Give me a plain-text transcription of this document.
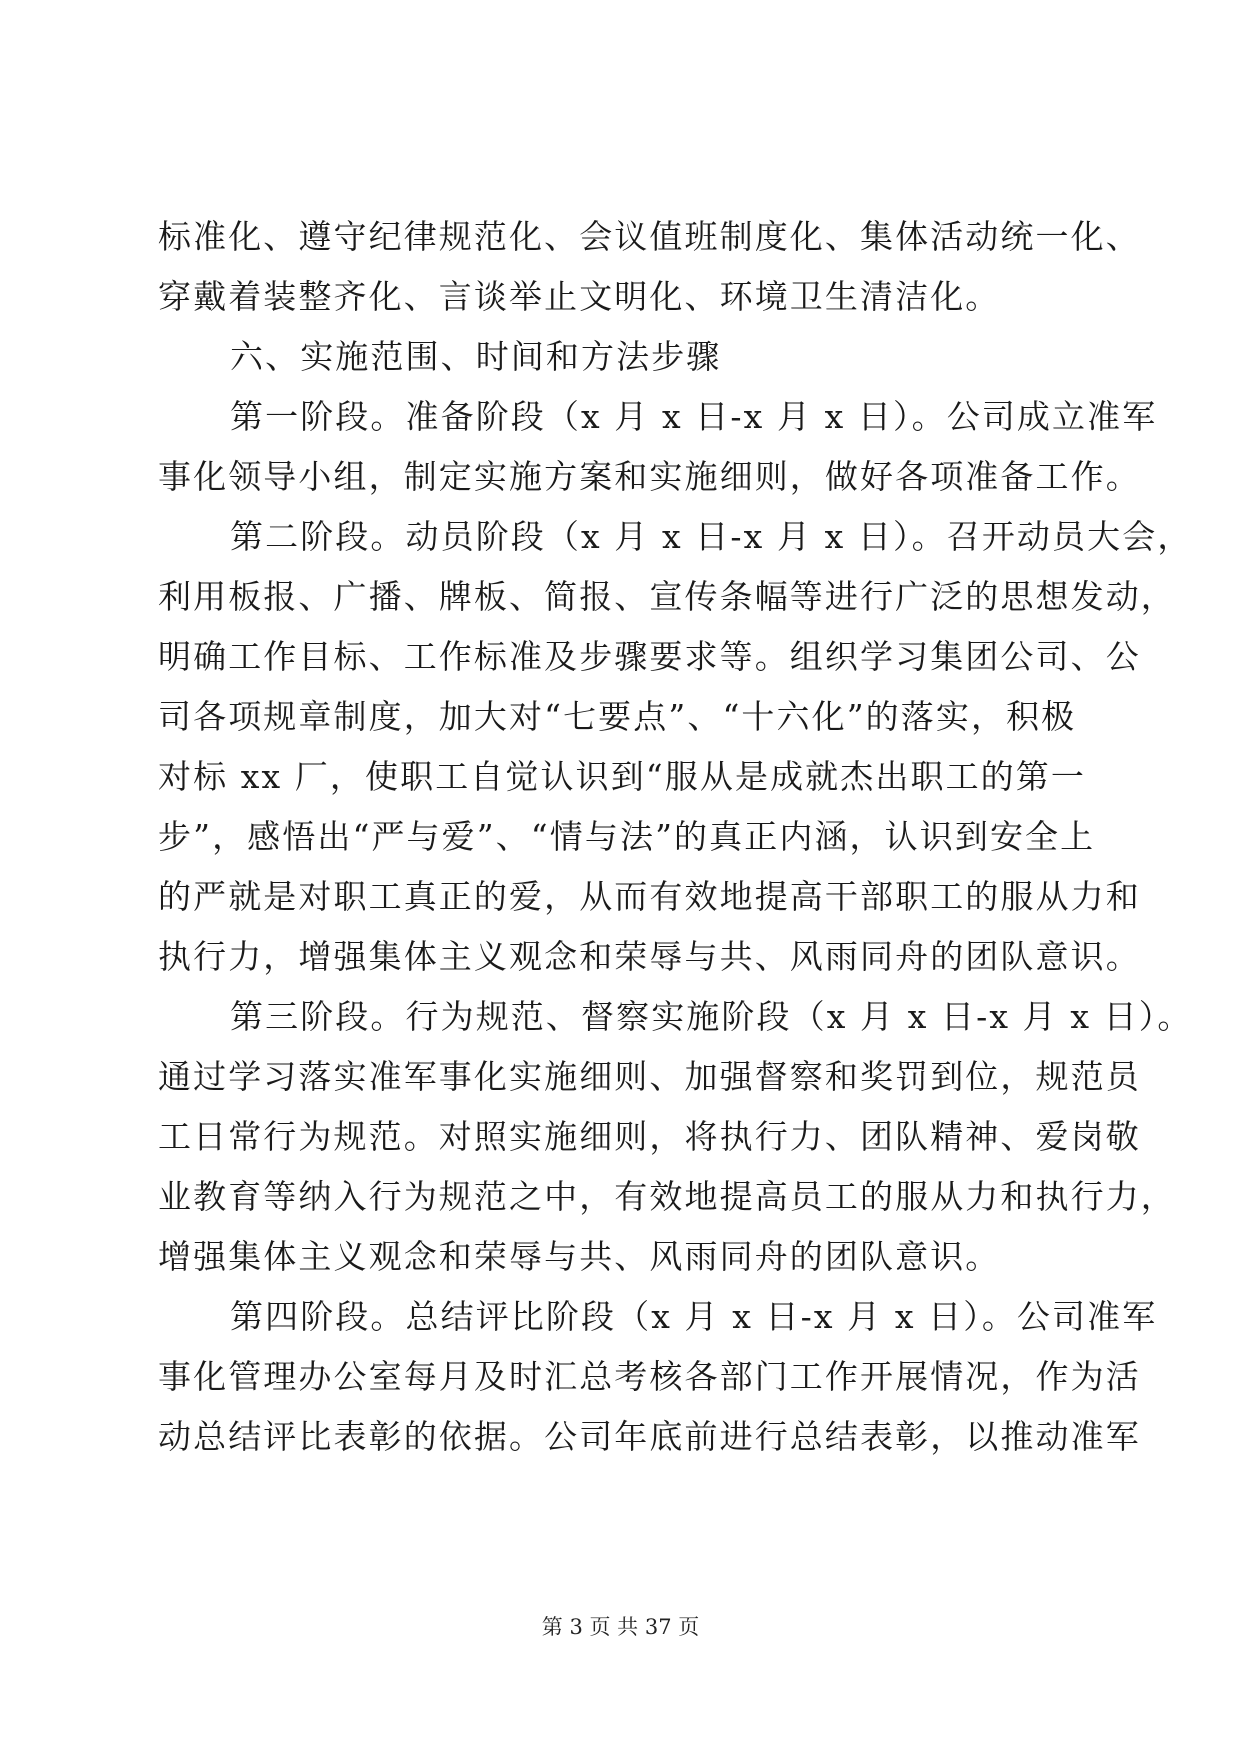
标准化、遵守纪律规范化、会议值班制度化、集体活动统一化、
穿戴着装整齐化、言谈举止文明化、环境卫生清洁化。
六、实施范围、时间和方法步骤
第一阶段。准备阶段（x 月 x 日-x 月 x 日）。公司成立准军
事化领导小组，制定实施方案和实施细则，做好各项准备工作。
第二阶段。动员阶段（x 月 x 日-x 月 x 日）。召开动员大会，
利用板报、广播、牌板、简报、宣传条幅等进行广泛的思想发动，
明确工作目标、工作标准及步骤要求等。组织学习集团公司、公
司各项规章制度，加大对“七要点”、“十六化”的落实，积极
对标 xx 厂，使职工自觉认识到“服从是成就杰出职工的第一
步”，感悟出“严与爱”、“情与法”的真正内涵，认识到安全上
的严就是对职工真正的爱，从而有效地提高干部职工的服从力和
执行力，增强集体主义观念和荣辱与共、风雨同舟的团队意识。
第三阶段。行为规范、督察实施阶段（x 月 x 日-x 月 x 日）。
通过学习落实准军事化实施细则、加强督察和奖罚到位，规范员
工日常行为规范。对照实施细则，将执行力、团队精神、爱岗敬
业教育等纳入行为规范之中，有效地提高员工的服从力和执行力，
增强集体主义观念和荣辱与共、风雨同舟的团队意识。
第四阶段。总结评比阶段（x 月 x 日-x 月 x 日）。公司准军
事化管理办公室每月及时汇总考核各部门工作开展情况，作为活
动总结评比表彰的依据。公司年底前进行总结表彰，以推动准军
第 3 页 共 37 页
